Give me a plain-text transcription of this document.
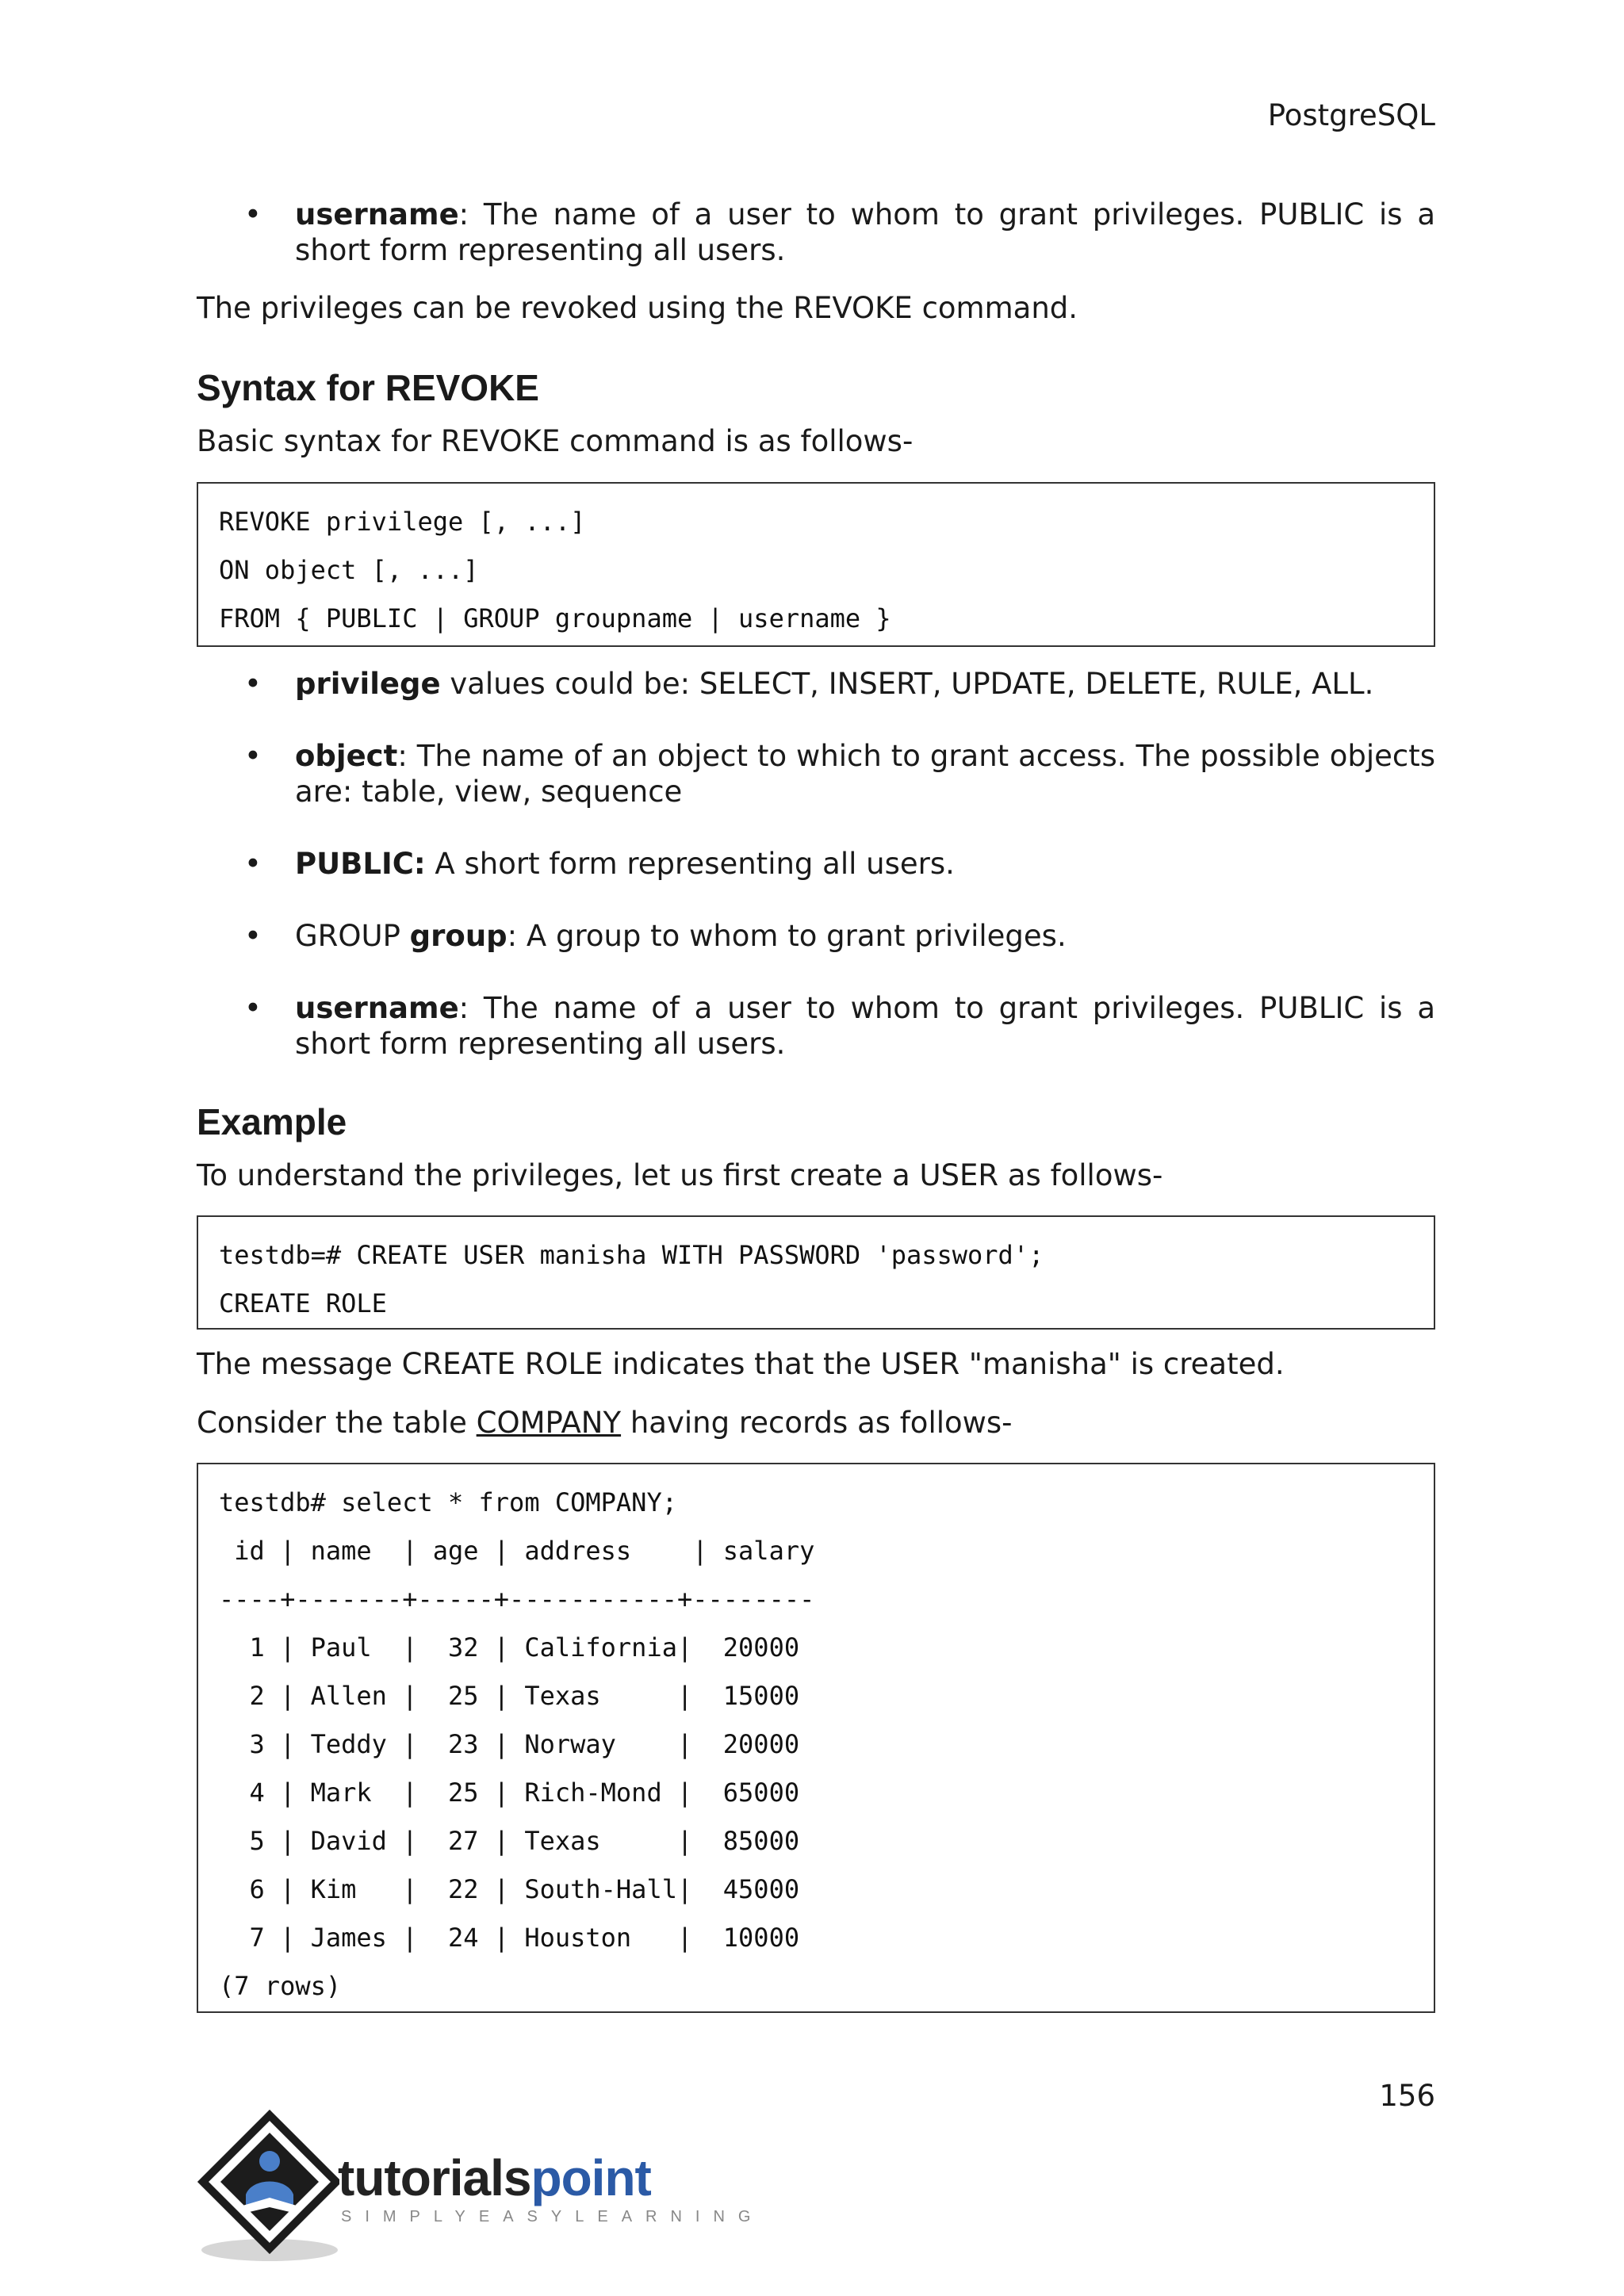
PostgreSQL
• username: The name of a user to whom to grant privileges. PUBLIC is a short form representing all users.

The privileges can be revoked using the REVOKE command.

Syntax for REVOKE

Basic syntax for REVOKE command is as follows-

REVOKE privilege [, ...]
ON object [, ...]
FROM { PUBLIC | GROUP groupname | username }
• privilege values could be: SELECT, INSERT, UPDATE, DELETE, RULE, ALL.
• object: The name of an object to which to grant access. The possible objects are: table, view, sequence
• PUBLIC: A short form representing all users.
• GROUP group: A group to whom to grant privileges.
• username: The name of a user to whom to grant privileges. PUBLIC is a short form representing all users.
Example

To understand the privileges, let us first create a USER as follows-

testdb=# CREATE USER manisha WITH PASSWORD 'password';
CREATE ROLE

The message CREATE ROLE indicates that the USER "manisha" is created.

Consider the table COMPANY having records as follows-

testdb# select * from COMPANY;
id | name  | age | address    | salary
----+-------+-----+-----------+--------
1 | Paul  |  32 | California|  20000
2 | Allen |  25 | Texas     |  15000
3 | Teddy |  23 | Norway    |  20000
4 | Mark  |  25 | Rich-Mond |  65000
5 | David |  27 | Texas     |  85000
6 | Kim   |  22 | South-Hall|  45000
7 | James |  24 | Houston   |  10000
(7 rows)
156
tutorialspoint
SIMPLYEASYLEARNING
